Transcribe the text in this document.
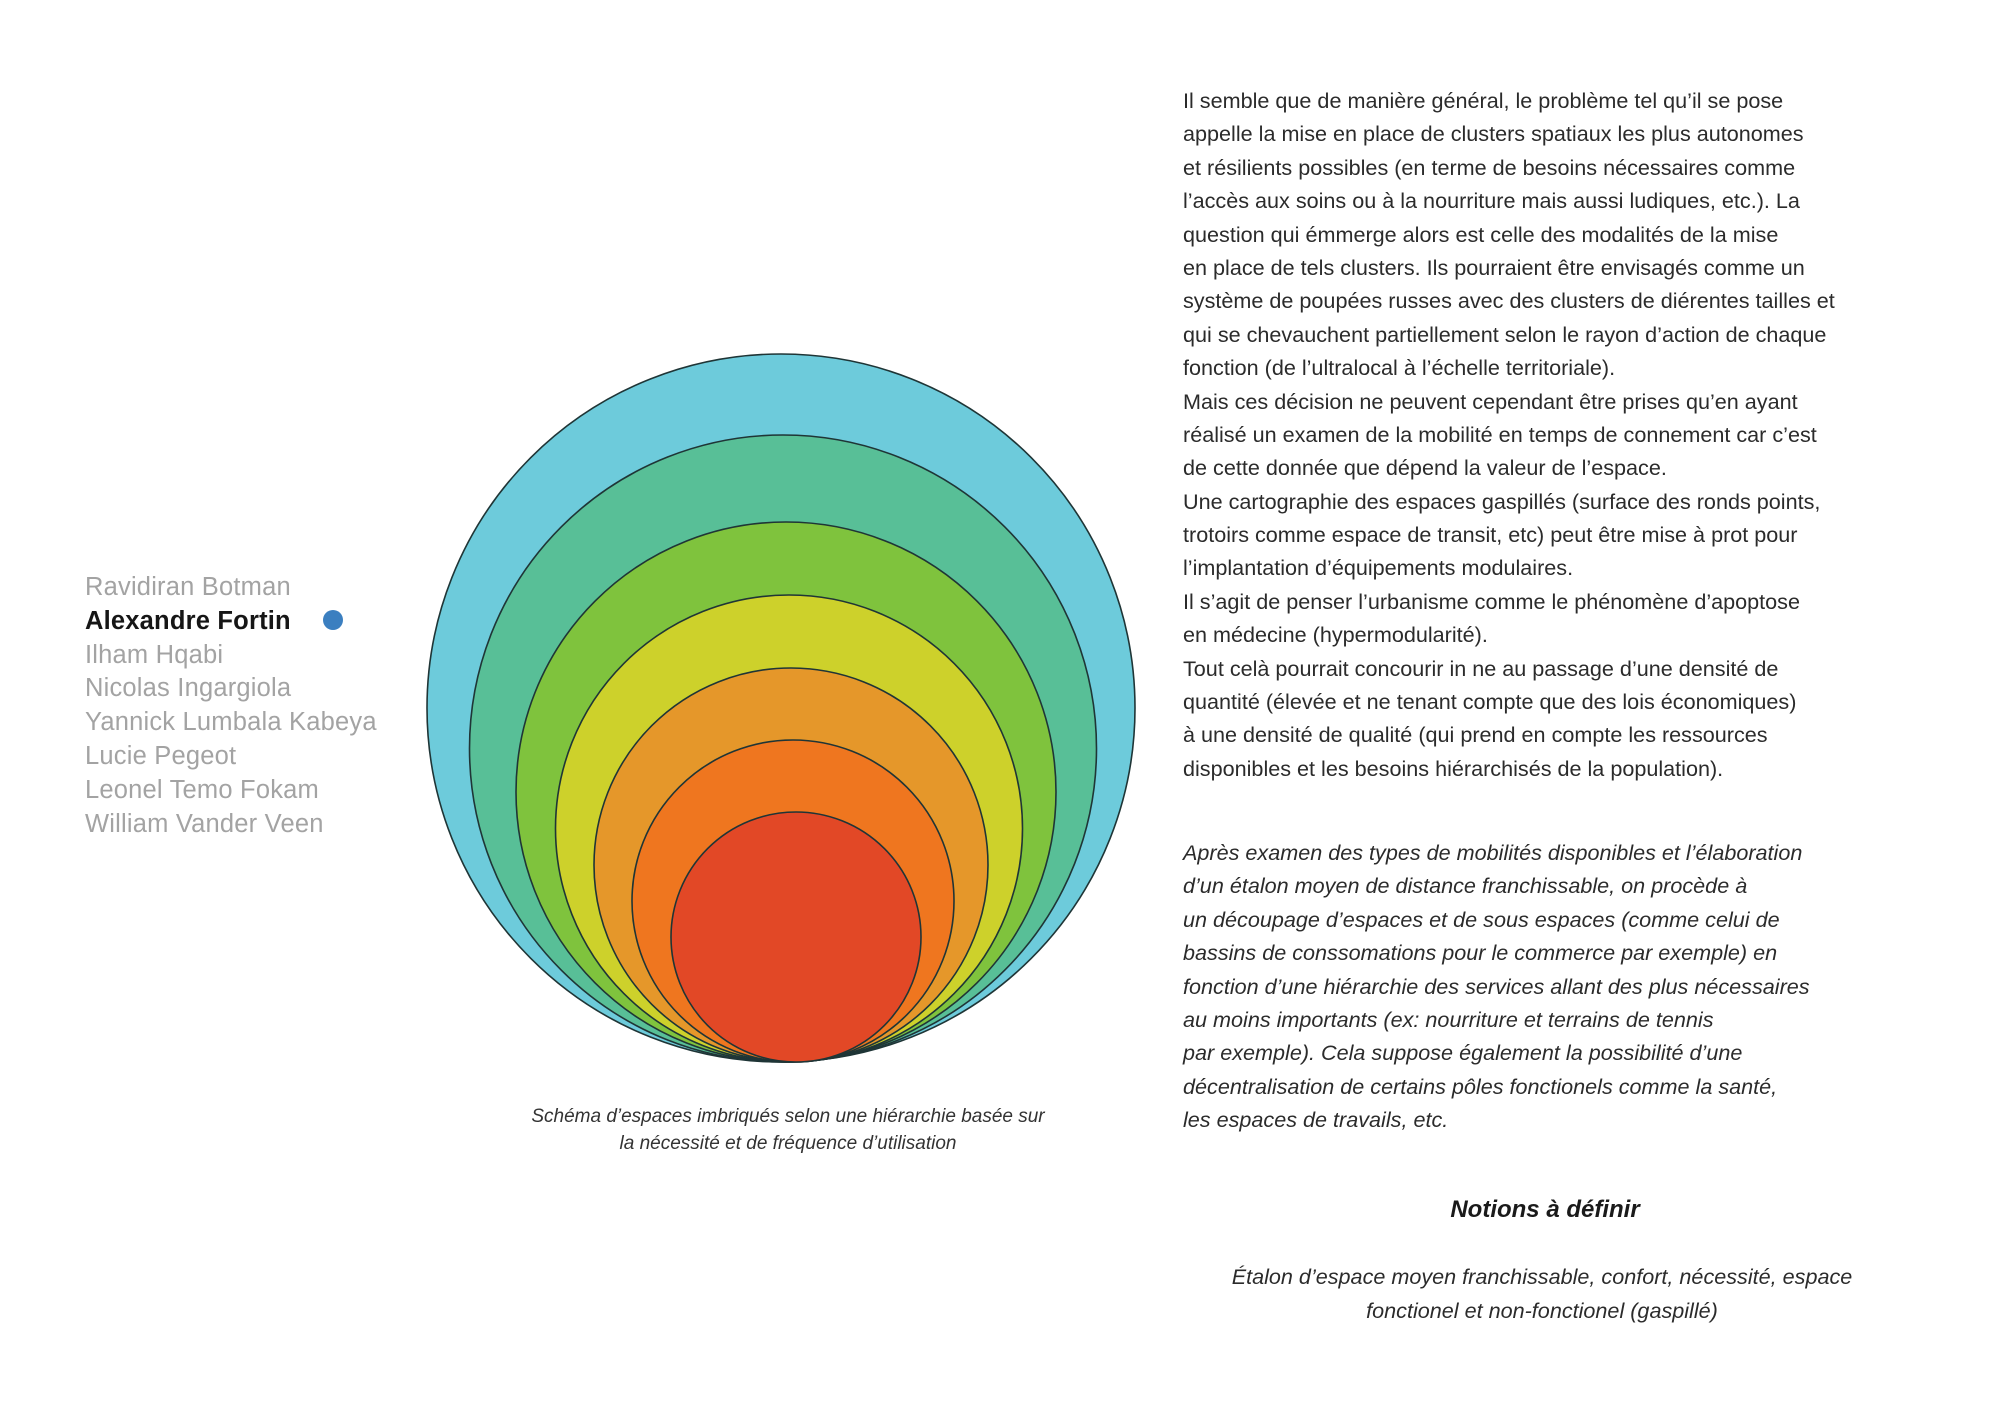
Ravidiran Botman
Alexandre Fortin
Ilham Hqabi
Nicolas Ingargiola
Yannick Lumbala Kabeya
Lucie Pegeot
Leonel Temo Fokam
William Vander Veen
Schéma d’espaces imbriqués selon une hiérarchie basée sur
la nécessité et de fréquence d’utilisation
Il semble que de manière général, le problème tel qu’il se pose
appelle la mise en place de clusters spatiaux les plus autonomes
et résilients possibles (en terme de besoins nécessaires comme
l’accès aux soins ou à la nourriture mais aussi ludiques, etc.). La
question qui émmerge alors est celle des modalités de la mise
en place de tels clusters. Ils pourraient être envisagés comme un
système de poupées russes avec des clusters de diérentes tailles et
qui se chevauchent partiellement selon le rayon d’action de chaque
fonction (de l’ultralocal à l’échelle territoriale).
Mais ces décision ne peuvent cependant être prises qu’en ayant
réalisé un examen de la mobilité en temps de connement car c’est
de cette donnée que dépend la valeur de l’espace.
Une cartographie des espaces gaspillés (surface des ronds points,
trotoirs comme espace de transit, etc) peut être mise à prot pour
l’implantation d’équipements modulaires.
Il s’agit de penser l’urbanisme comme le phénomène d’apoptose
en médecine (hypermodularité).
Tout celà pourrait concourir in ne au passage d’une densité de
quantité (élevée et ne tenant compte que des lois économiques)
à une densité de qualité (qui prend en compte les ressources
disponibles et les besoins hiérarchisés de la population).
Après examen des types de mobilités disponibles et l’élaboration
d’un étalon moyen de distance franchissable, on procède à
un découpage d’espaces et de sous espaces (comme celui de
bassins de conssomations pour le commerce par exemple) en
fonction d’une hiérarchie des services allant des plus nécessaires
au moins importants (ex: nourriture et terrains de tennis
par exemple). Cela suppose également la possibilité d’une
décentralisation de certains pôles fonctionels comme la santé,
les espaces de travails, etc.
Notions à définir
Étalon d’espace moyen franchissable, confort, nécessité, espace
fonctionel et non-fonctionel (gaspillé)
